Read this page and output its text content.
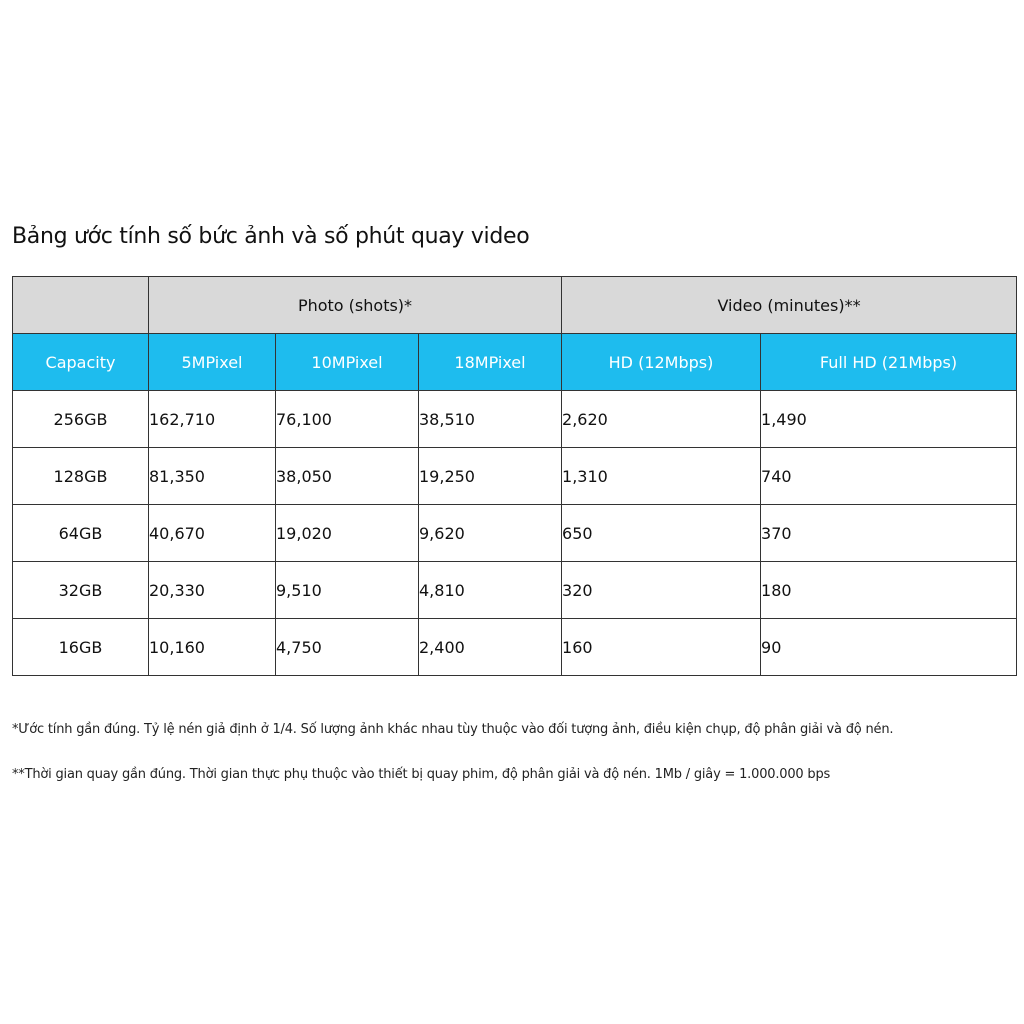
Bảng ước tính số bức ảnh và số phút quay video
	Photo (shots)*			Video (minutes)**	
Capacity	5MPixel	10MPixel	18MPixel	HD (12Mbps)	Full HD (21Mbps)
256GB	162,710	76,100	38,510	2,620	1,490
128GB	81,350	38,050	19,250	1,310	740
64GB	40,670	19,020	9,620	650	370
32GB	20,330	9,510	4,810	320	180
16GB	10,160	4,750	2,400	160	90
*Ước tính gần đúng. Tỷ lệ nén giả định ở 1/4. Số lượng ảnh khác nhau tùy thuộc vào đối tượng ảnh, điều kiện chụp, độ phân giải và độ nén.
**Thời gian quay gần đúng. Thời gian thực phụ thuộc vào thiết bị quay phim, độ phân giải và độ nén. 1Mb / giây = 1.000.000 bps
